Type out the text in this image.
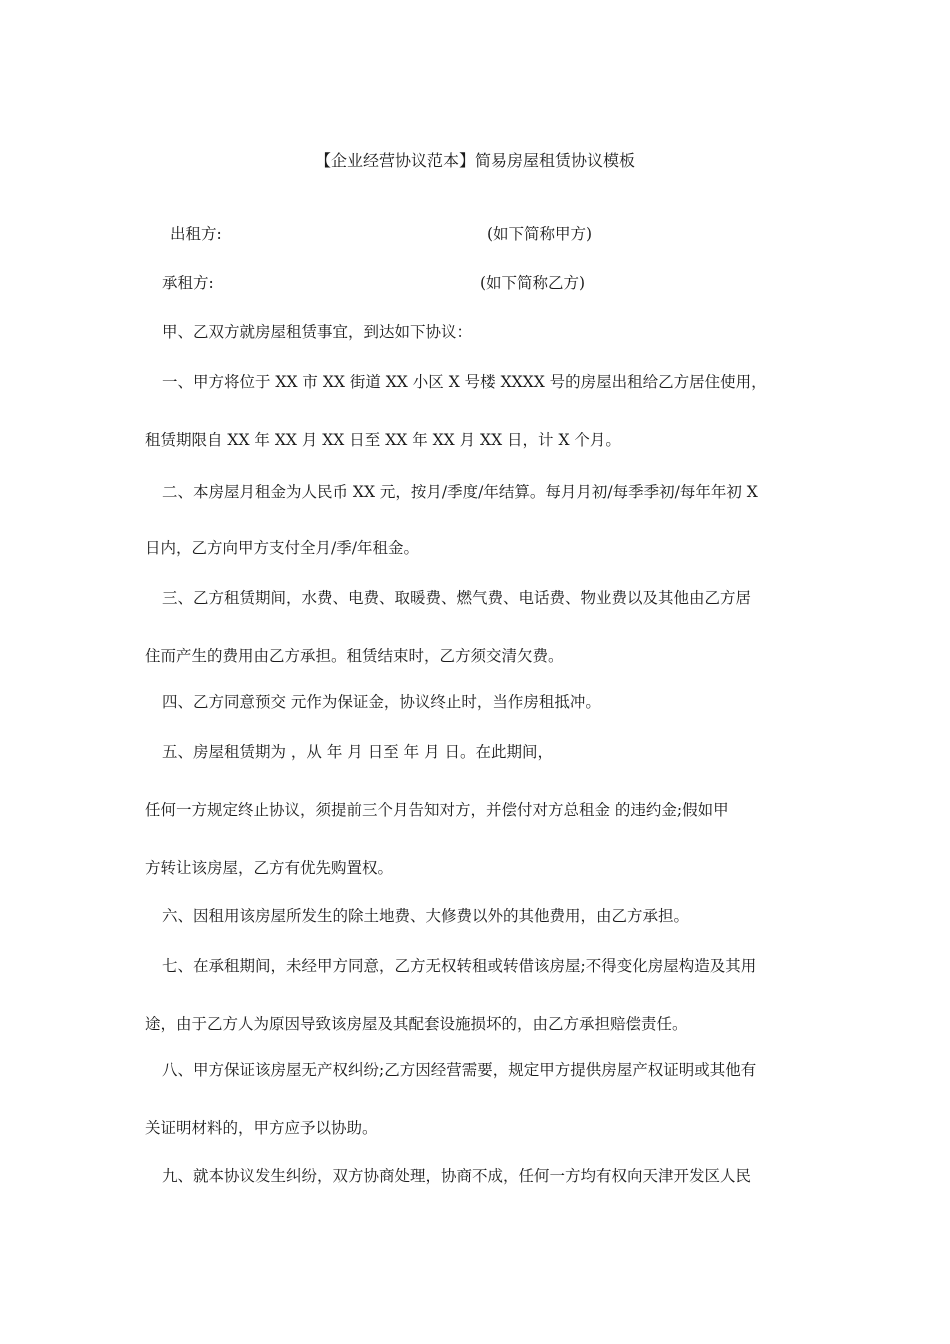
【企业经营协议范本】简易房屋租赁协议模板
出租方:	(如下简称甲方)
承租方:	(如下简称乙方)
甲、乙双方就房屋租赁事宜，到达如下协议：
一、甲方将位于 XX 市 XX 街道 XX 小区 X 号楼 XXXX 号的房屋出租给乙方居住使用，
租赁期限自 XX 年 XX 月 XX 日至 XX 年 XX 月 XX 日，计 X 个月。
二、本房屋月租金为人民币 XX 元，按月/季度/年结算。每月月初/每季季初/每年年初 X
日内，乙方向甲方支付全月/季/年租金。
三、乙方租赁期间，水费、电费、取暖费、燃气费、电话费、物业费以及其他由乙方居
住而产生的费用由乙方承担。租赁结束时，乙方须交清欠费。
四、乙方同意预交 元作为保证金，协议终止时，当作房租抵冲。
五、房屋租赁期为 ，从 年 月 日至 年 月 日。在此期间，
任何一方规定终止协议，须提前三个月告知对方，并偿付对方总租金 的违约金;假如甲
方转让该房屋，乙方有优先购置权。
六、因租用该房屋所发生的除土地费、大修费以外的其他费用，由乙方承担。
七、在承租期间，未经甲方同意，乙方无权转租或转借该房屋;不得变化房屋构造及其用
途，由于乙方人为原因导致该房屋及其配套设施损坏的，由乙方承担赔偿责任。
八、甲方保证该房屋无产权纠纷;乙方因经营需要，规定甲方提供房屋产权证明或其他有
关证明材料的，甲方应予以协助。
九、就本协议发生纠纷，双方协商处理，协商不成，任何一方均有权向天津开发区人民
